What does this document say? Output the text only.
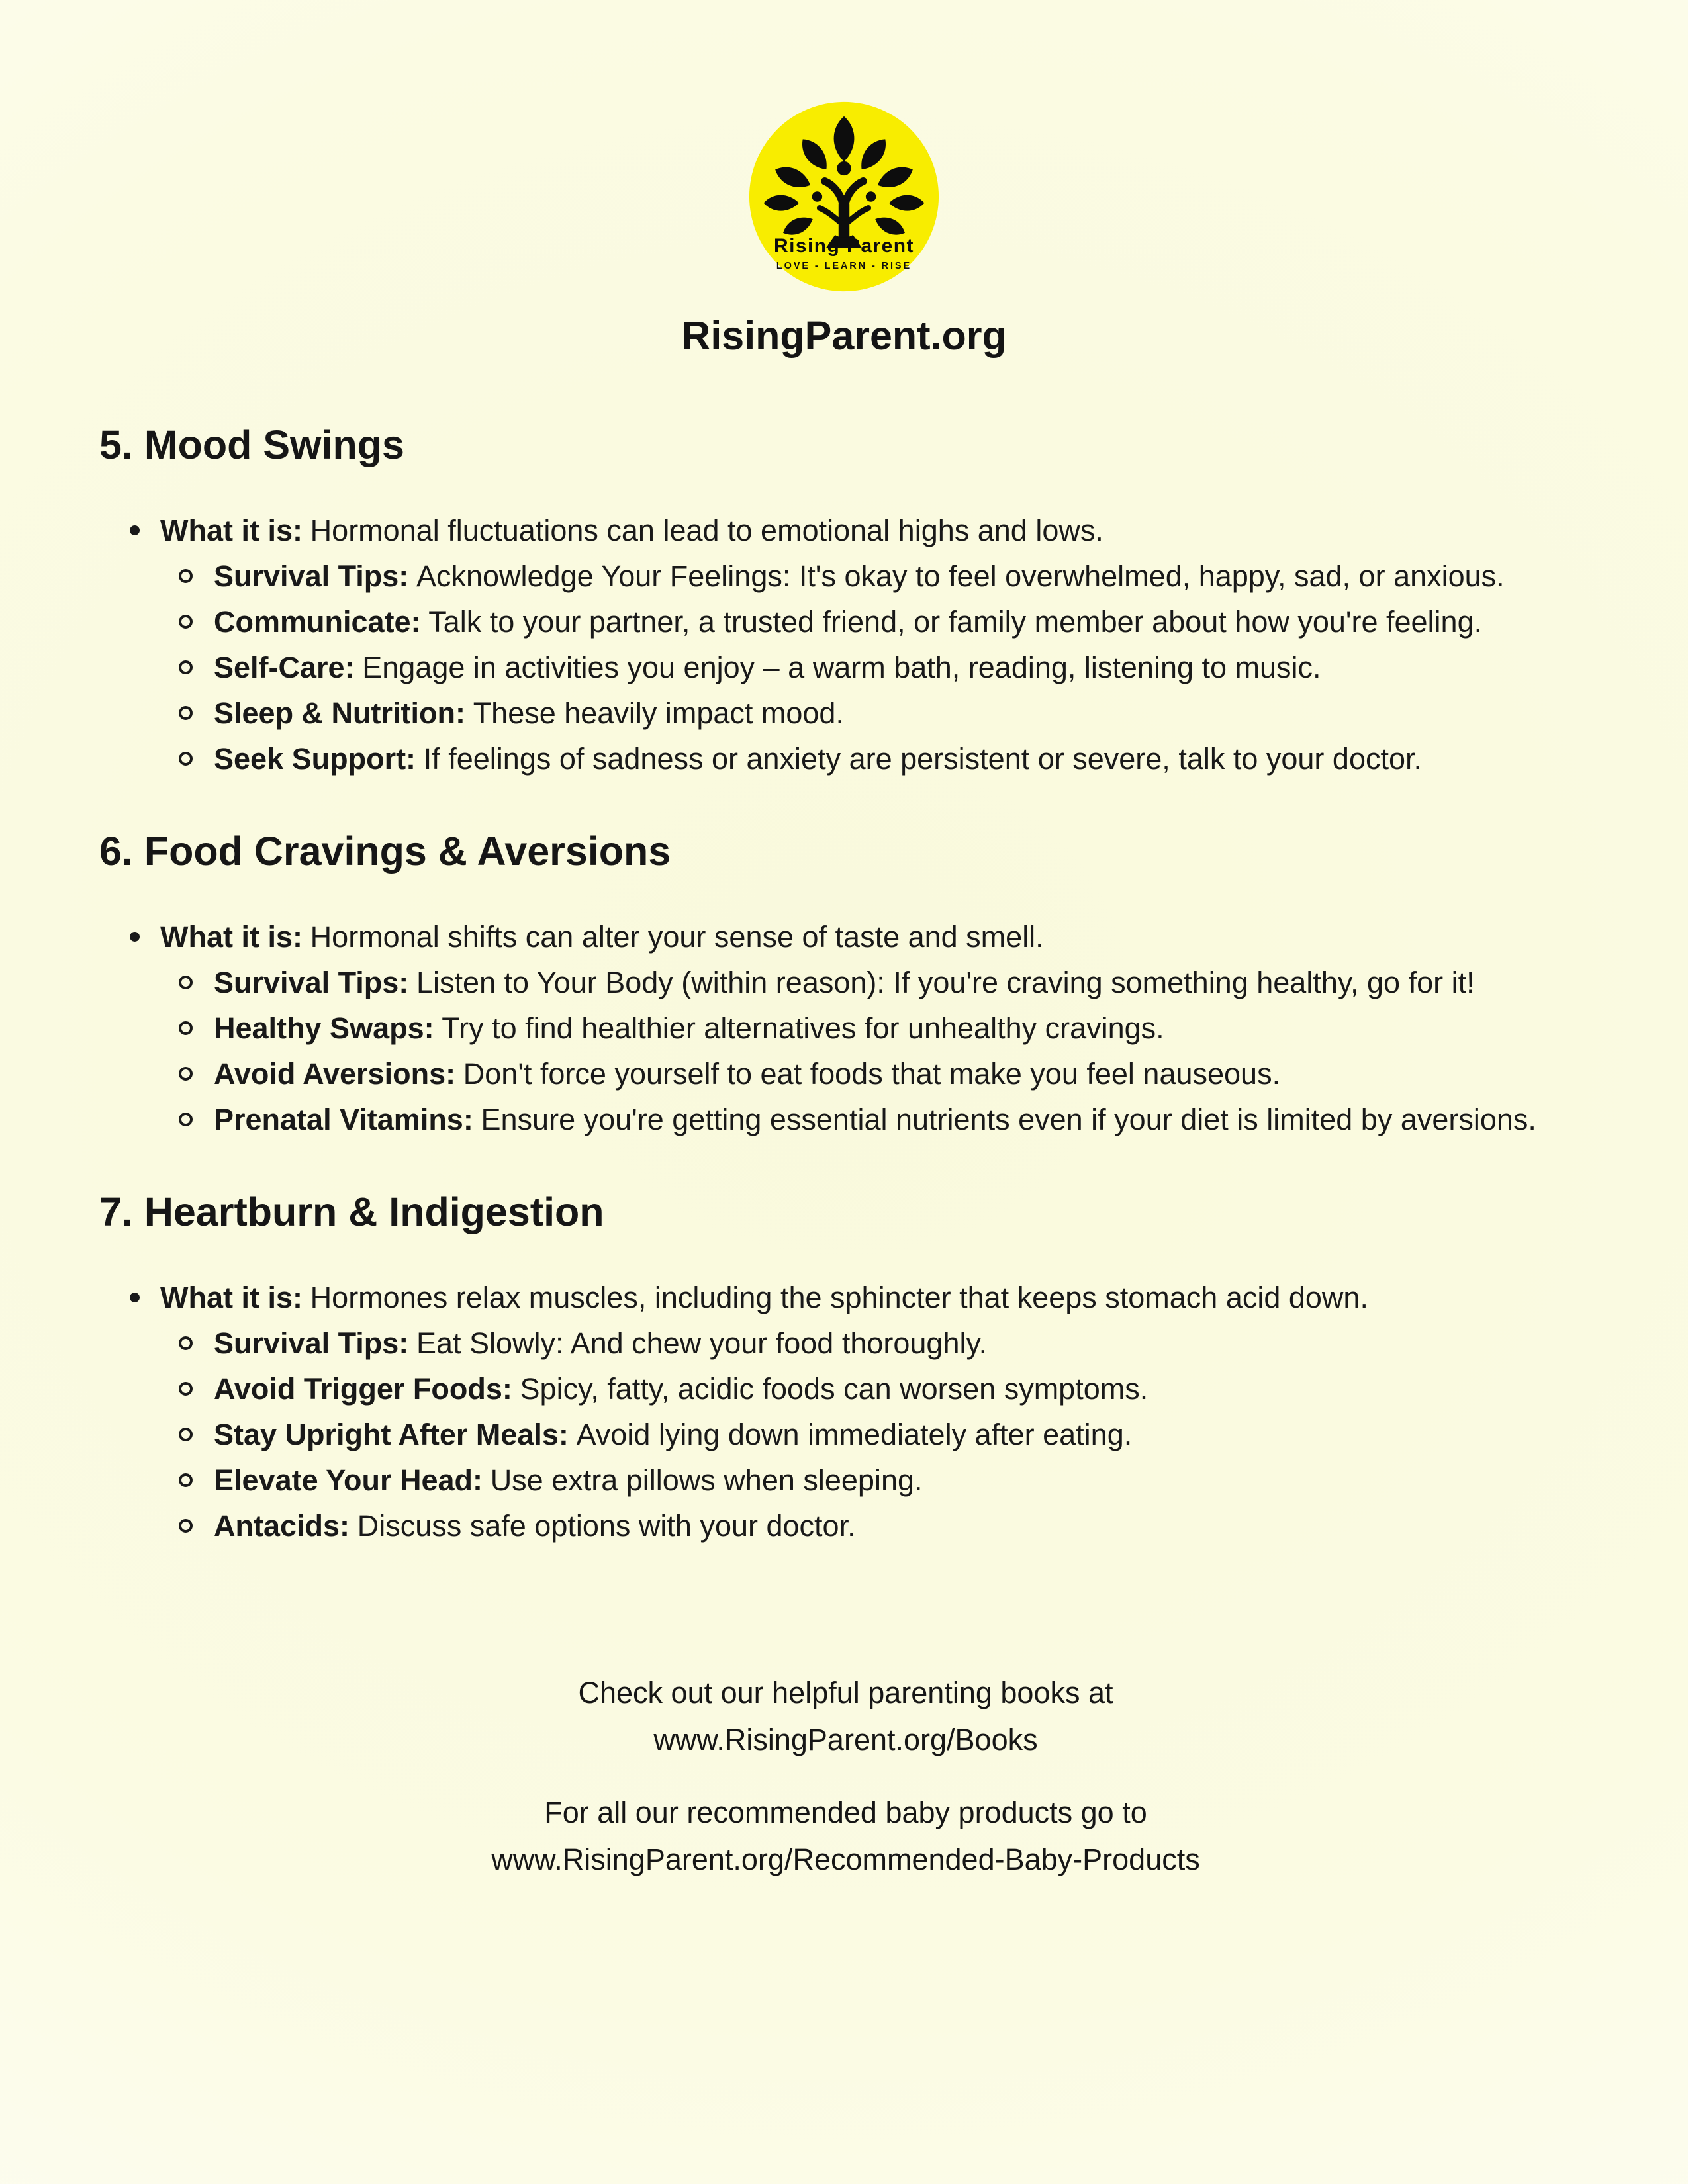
Rising Parent
LOVE - LEARN - RISE
RisingParent.org
5. Mood Swings
What it is: Hormonal fluctuations can lead to emotional highs and lows.
Survival Tips: Acknowledge Your Feelings: It's okay to feel overwhelmed, happy, sad, or anxious.
Communicate: Talk to your partner, a trusted friend, or family member about how you're feeling.
Self-Care: Engage in activities you enjoy – a warm bath, reading, listening to music.
Sleep & Nutrition: These heavily impact mood.
Seek Support: If feelings of sadness or anxiety are persistent or severe, talk to your doctor.
6. Food Cravings & Aversions
What it is: Hormonal shifts can alter your sense of taste and smell.
Survival Tips: Listen to Your Body (within reason): If you're craving something healthy, go for it!
Healthy Swaps: Try to find healthier alternatives for unhealthy cravings.
Avoid Aversions: Don't force yourself to eat foods that make you feel nauseous.
Prenatal Vitamins: Ensure you're getting essential nutrients even if your diet is limited by aversions.
7. Heartburn & Indigestion
What it is: Hormones relax muscles, including the sphincter that keeps stomach acid down.
Survival Tips: Eat Slowly: And chew your food thoroughly.
Avoid Trigger Foods: Spicy, fatty, acidic foods can worsen symptoms.
Stay Upright After Meals: Avoid lying down immediately after eating.
Elevate Your Head: Use extra pillows when sleeping.
Antacids: Discuss safe options with your doctor.
Check out our helpful parenting books at
www.RisingParent.org/Books
For all our recommended baby products go to
www.RisingParent.org/Recommended-Baby-Products
